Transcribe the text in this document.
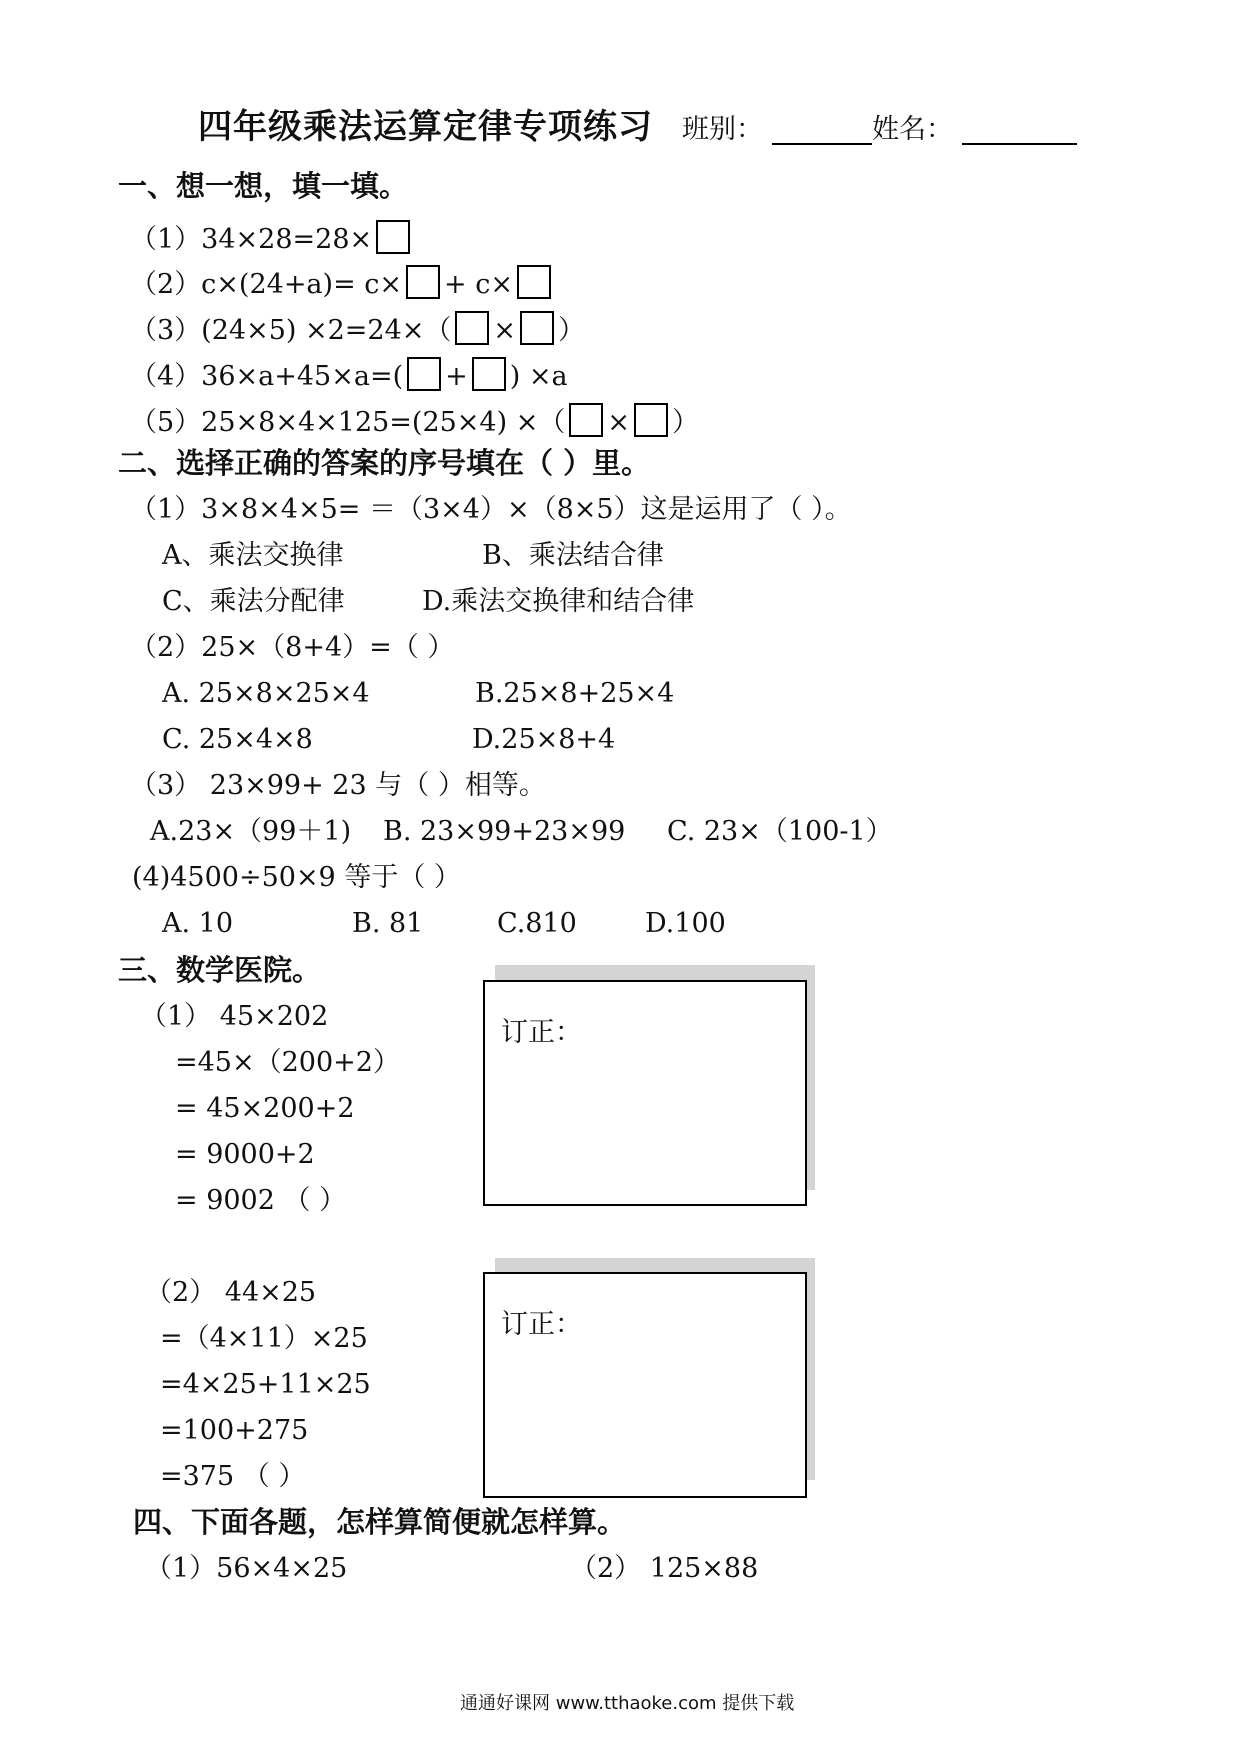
四年级乘法运算定律专项练习 班别：	姓名：
一、想一想，填一填。
（1）34×28=28×
（2）c×(24+a)= c× + c×
（3）(24×5) ×2=24×（ × ）
（4）36×a+45×a=( + ) ×a
（5）25×8×4×125=(25×4) ×（ × ）
二、选择正确的答案的序号填在（ ）里。
（1）3×8×4×5= ＝（3×4）×（8×5）这是运用了（ ）。
A、乘法交换律	B、乘法结合律
C、乘法分配律	D.乘法交换律和结合律
（2）25×（8+4）=（ ）
A. 25×8×25×4	B.25×8+25×4
C. 25×4×8	D.25×8+4
（3） 23×99+ 23 与（ ）相等。
A.23×（99＋1) B. 23×99+23×99 C. 23×（100-1）
(4)4500÷50×9 等于（ ）
A. 10	B. 81	C.810	D.100
三、数学医院。
（1） 45×202
=45×（200+2）
= 45×200+2
= 9000+2
= 9002 （ ）
订正：
（2） 44×25
=（4×11）×25
=4×25+11×25
=100+275
=375 （ ）
订正：
四、下面各题，怎样算简便就怎样算。
（1）56×4×25	（2） 125×88
通通好课网 www.tthaoke.com 提供下载
